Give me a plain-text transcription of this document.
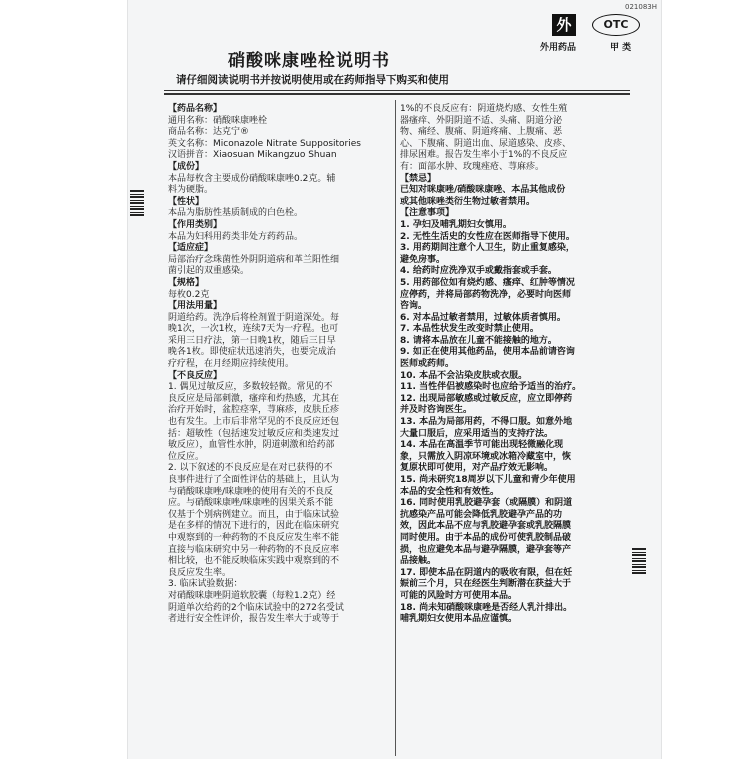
021083H
外
外用药品
OTC
甲 类
硝酸咪康唑栓说明书
请仔细阅读说明书并按说明使用或在药师指导下购买和使用
【药品名称】
通用名称：硝酸咪康唑栓
商品名称：达克宁®
英文名称：Miconazole Nitrate Suppositories
汉语拼音：Xiaosuan Mikangzuo Shuan
【成份】
本品每枚含主要成份硝酸咪康唑0.2克。辅
料为硬脂。
【性状】
本品为脂肪性基质制成的白色栓。
【作用类别】
本品为妇科用药类非处方药药品。
【适应症】
局部治疗念珠菌性外阴阴道病和革兰阳性细
菌引起的双重感染。
【规格】
每枚0.2克
【用法用量】
阴道给药。洗净后将栓剂置于阴道深处。每
晚1次，一次1枚，连续7天为一疗程。也可
采用三日疗法，第一日晚1枚，随后三日早
晚各1枚。即使症状迅速消失，也要完成治
疗疗程，在月经期应持续使用。
【不良反应】
1. 偶见过敏反应，多数较轻微。常见的不
良反应是局部刺激，瘙痒和灼热感，尤其在
治疗开始时，盆腔痉挛，荨麻疹，皮肤丘疹
也有发生。上市后非常罕见的不良反应还包
括：超敏性（包括速发过敏反应和类速发过
敏反应），血管性水肿，阴道刺激和给药部
位反应。
2. 以下叙述的不良反应是在对已获得的不
良事件进行了全面性评估的基础上，且认为
与硝酸咪康唑/咪康唑的使用有关的不良反
应。与硝酸咪康唑/咪康唑的因果关系不能
仅基于个别病例建立。而且，由于临床试验
是在多样的情况下进行的，因此在临床研究
中观察到的一种药物的不良反应发生率不能
直接与临床研究中另一种药物的不良反应率
相比较，也不能反映临床实践中观察到的不
良反应发生率。
3. 临床试验数据：
对硝酸咪康唑阴道软胶囊（每粒1.2克）经
阴道单次给药的2个临床试验中的272名受试
者进行安全性评价，报告发生率大于或等于
1%的不良反应有：阴道烧灼感、女性生殖
器瘙痒、外阴阴道不适、头痛、阴道分泌
物、痛经、腹痛、阴道疼痛、上腹痛、恶
心、下腹痛、阴道出血、尿道感染、皮疹、
排尿困难。报告发生率小于1%的不良反应
有：面部水肿、玫瑰痤疮、荨麻疹。
【禁忌】
已知对咪康唑/硝酸咪康唑、本品其他成份
或其他咪唑类衍生物过敏者禁用。
【注意事项】
1. 孕妇及哺乳期妇女慎用。
2. 无性生活史的女性应在医师指导下使用。
3. 用药期间注意个人卫生，防止重复感染，
避免房事。
4. 给药时应洗净双手或戴指套或手套。
5. 用药部位如有烧灼感、瘙痒、红肿等情况
应停药，并将局部药物洗净，必要时向医师
咨询。
6. 对本品过敏者禁用，过敏体质者慎用。
7. 本品性状发生改变时禁止使用。
8. 请将本品放在儿童不能接触的地方。
9. 如正在使用其他药品，使用本品前请咨询
医师或药师。
10. 本品不会沾染皮肤或衣服。
11. 当性伴侣被感染时也应给予适当的治疗。
12. 出现局部敏感或过敏反应，应立即停药
并及时咨询医生。
13. 本品为局部用药，不得口服。如意外地
大量口服后，应采用适当的支持疗法。
14. 本品在高温季节可能出现轻微融化现
象，只需放入阴凉环境或冰箱冷藏室中，恢
复原状即可使用，对产品疗效无影响。
15. 尚未研究18周岁以下儿童和青少年使用
本品的安全性和有效性。
16. 同时使用乳胶避孕套（或隔膜）和阴道
抗感染产品可能会降低乳胶避孕产品的功
效，因此本品不应与乳胶避孕套或乳胶隔膜
同时使用。由于本品的成份可使乳胶制品破
损，也应避免本品与避孕隔膜，避孕套等产
品接触。
17. 即使本品在阴道内的吸收有限，但在妊
娠前三个月，只在经医生判断潜在获益大于
可能的风险时方可使用本品。
18. 尚未知硝酸咪康唑是否经人乳汁排出。
哺乳期妇女使用本品应谨慎。
